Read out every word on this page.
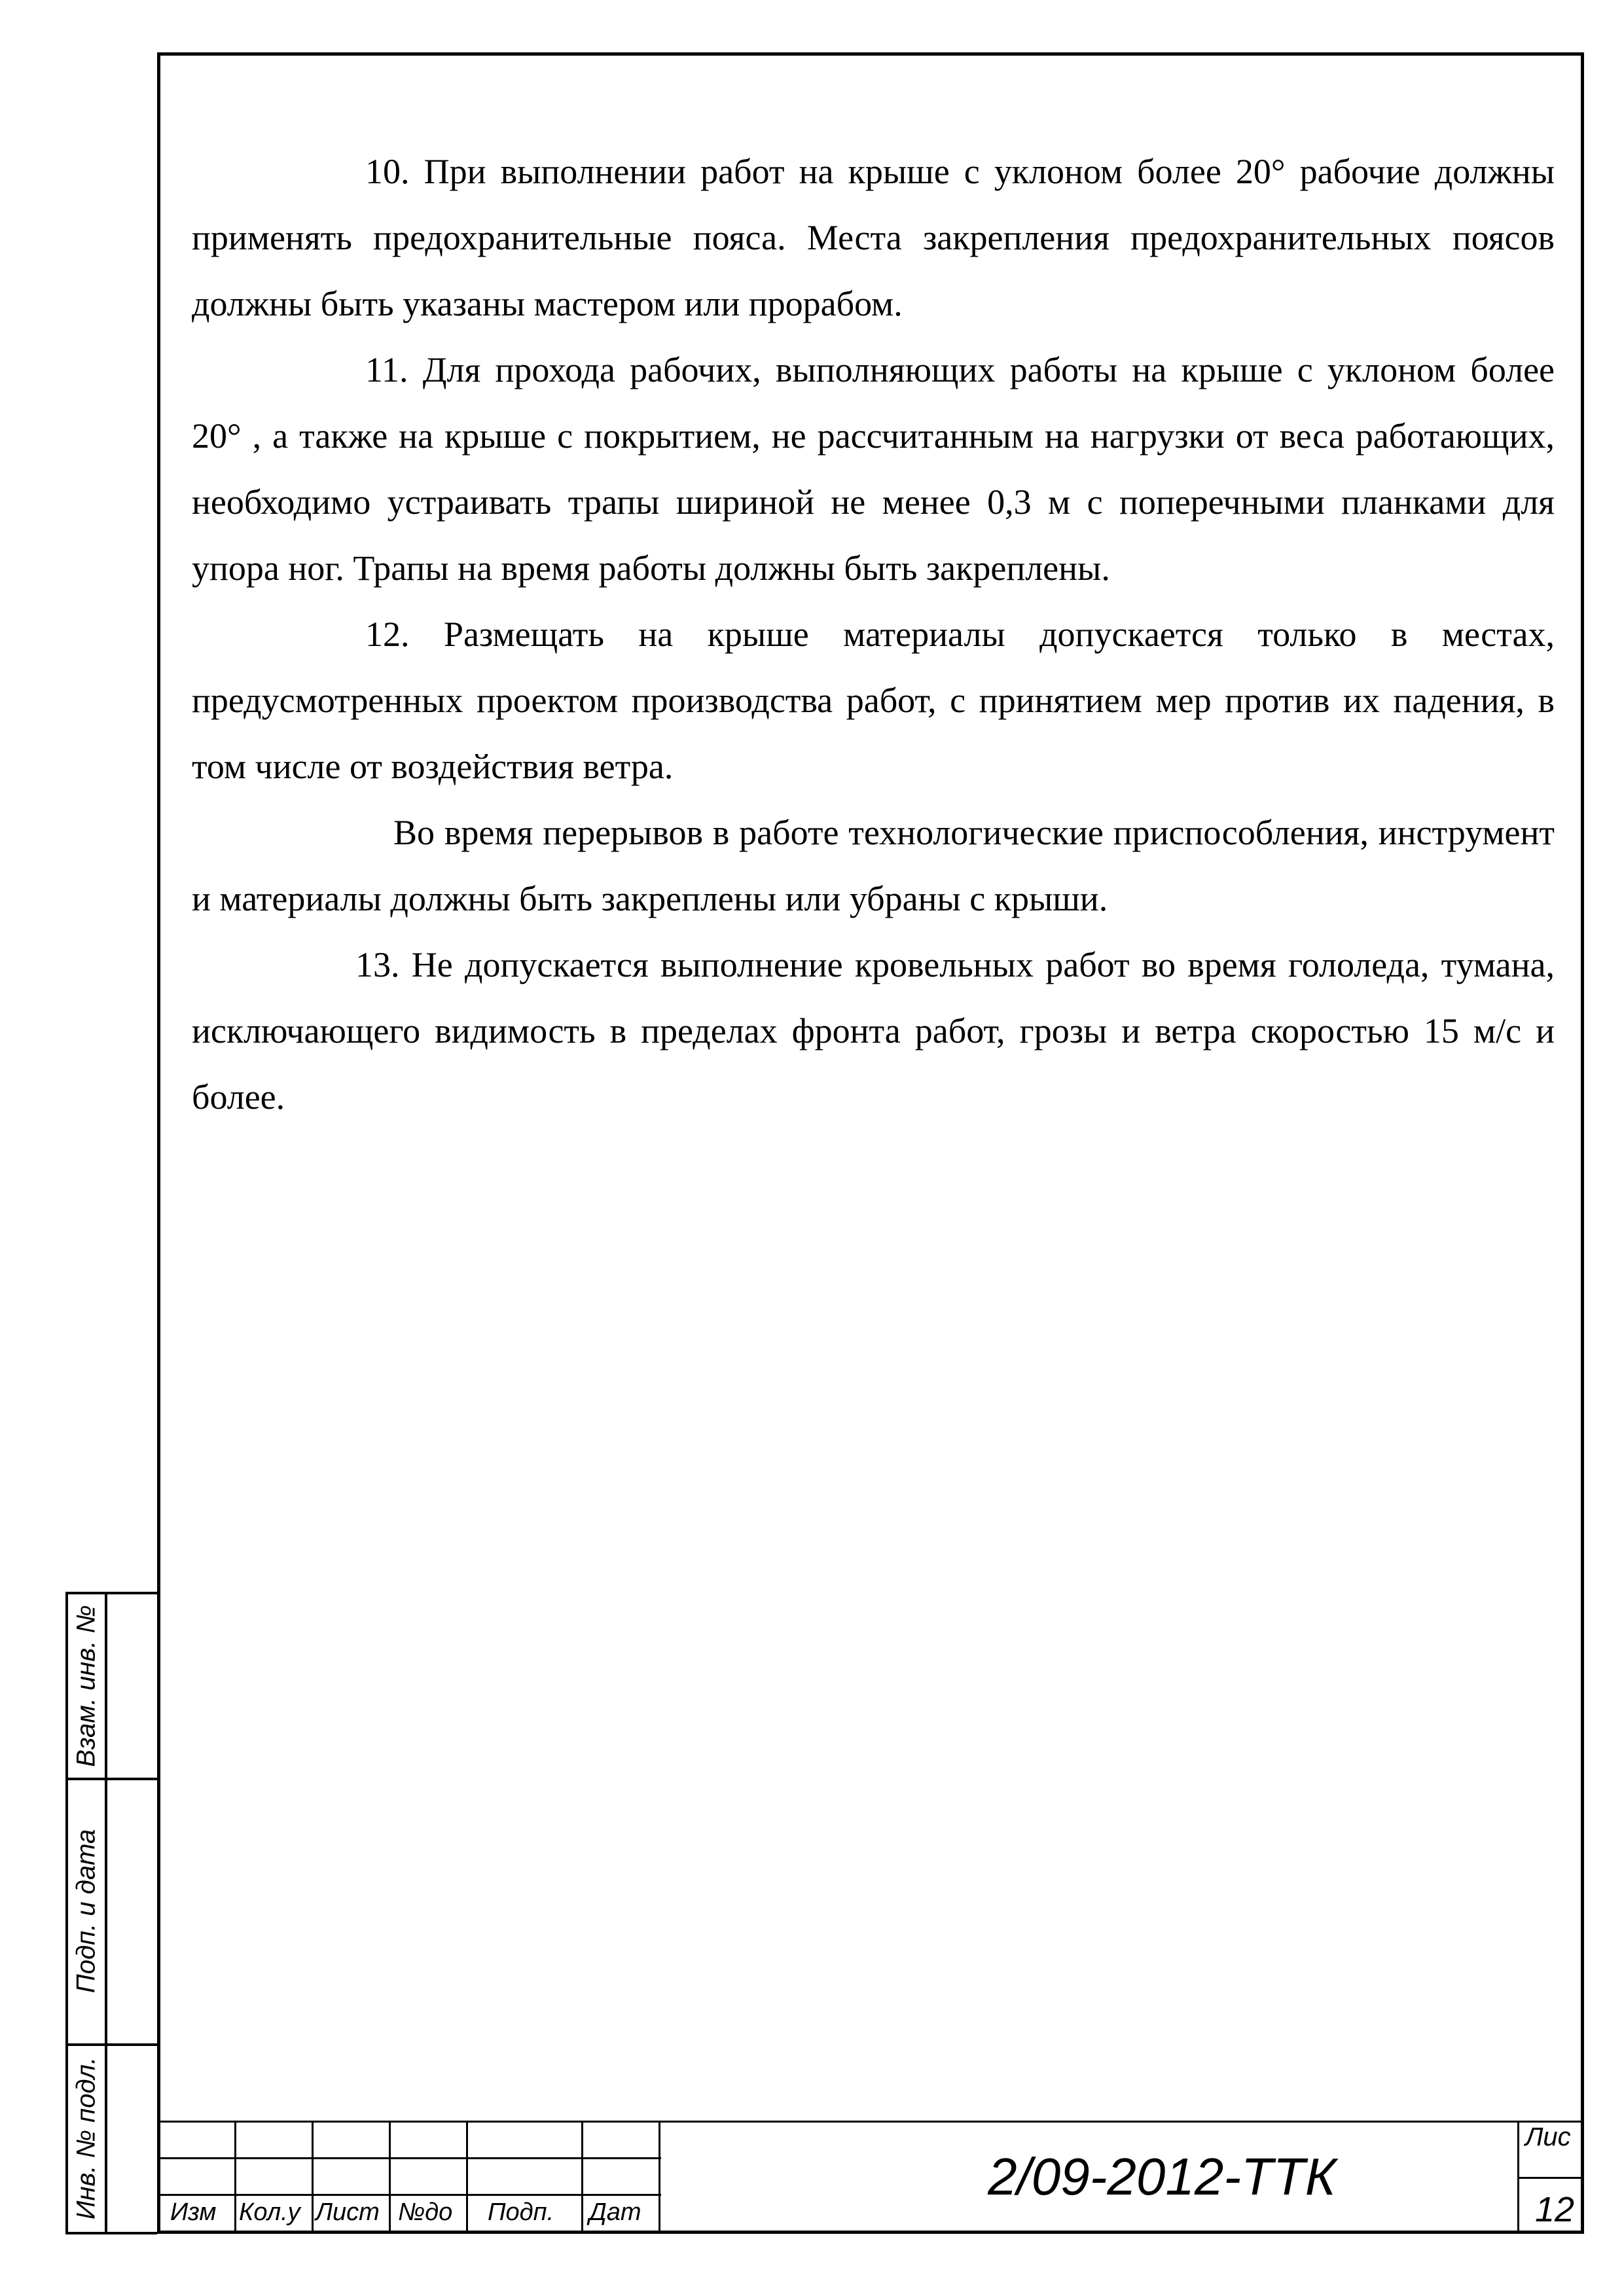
10. При выполнении работ на крыше с уклоном более 20° рабочие должны применять предохранительные пояса. Места закрепления предохранительных поясов должны быть указаны мастером или прорабом.

11. Для прохода рабочих, выполняющих работы на крыше с уклоном более 20° , а также на крыше с покрытием, не рассчитанным на нагрузки от веса работающих, необходимо устраивать трапы шириной не менее 0,3 м с поперечными планками для упора ног. Трапы на время работы должны быть закреплены.

12. Размещать на крыше материалы допускается только в местах, предусмотренных проектом производства работ, с принятием мер против их падения, в том числе от воздействия ветра.

Во время перерывов в работе технологические приспособления, инструмент и материалы должны быть закреплены или убраны с крыши.

13. Не допускается выполнение кровельных работ во время гололеда, тумана, исключающего видимость в пределах фронта работ, грозы и ветра скоростью 15 м/с и более.

Взам. инв. №
Подп. и дата
Инв. № подл.	Изм Кол.у Лист №до Подп. Дат
2/09-2012-ТТК
Лис
12
